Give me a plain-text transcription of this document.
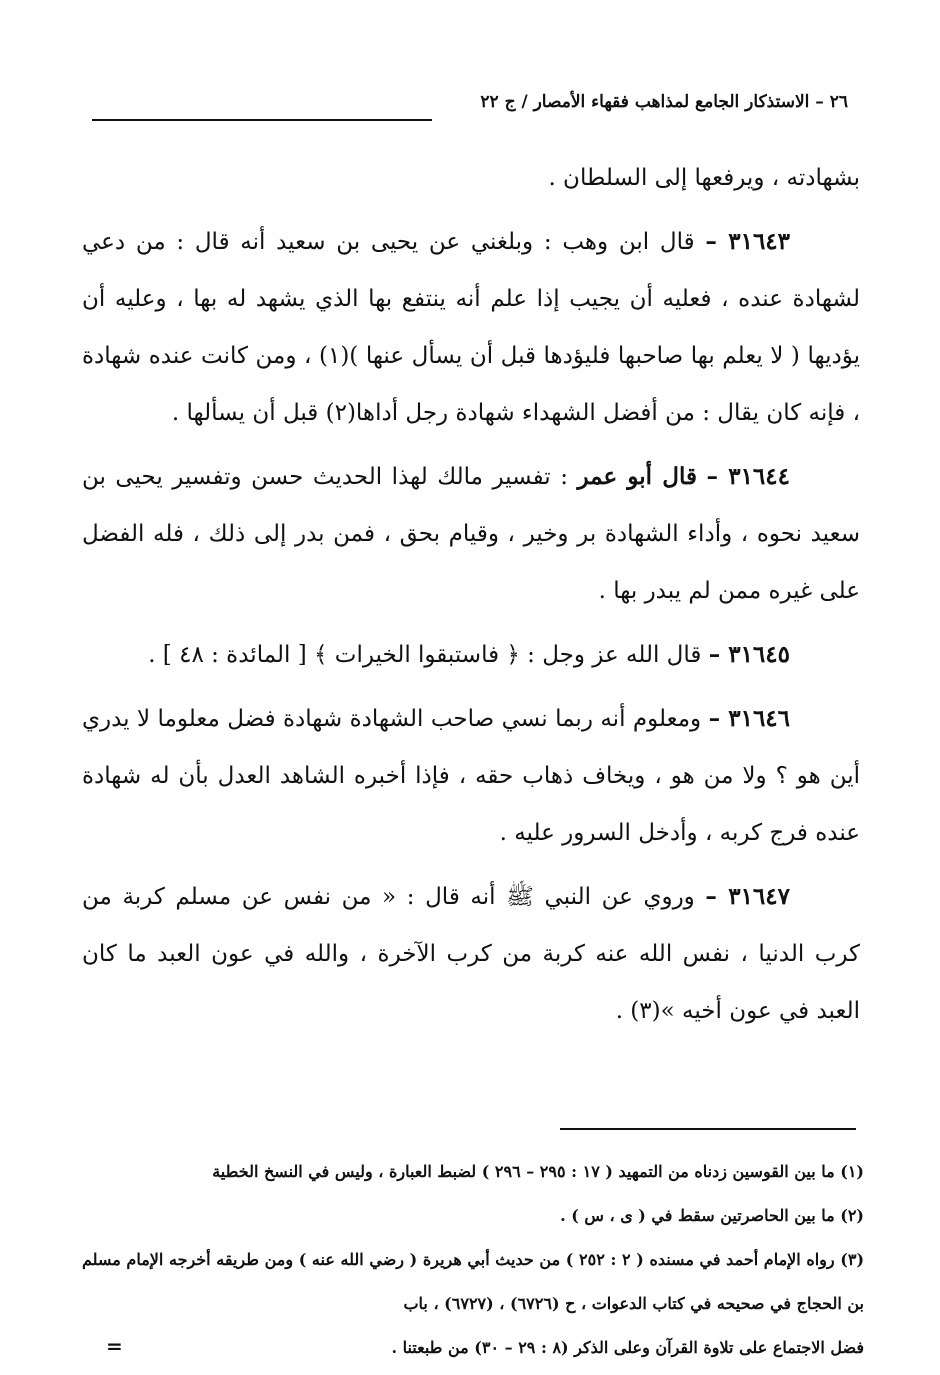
٢٦ – الاستذكار الجامع لمذاهب فقهاء الأمصار / ج ٢٢

بشهادته ، ويرفعها إلى السلطان .

٣١٦٤٣ – قال ابن وهب : وبلغني عن يحيى بن سعيد أنه قال : من دعي لشهادة عنده ، فعليه أن يجيب إذا علم أنه ينتفع بها الذي يشهد له بها ، وعليه أن يؤديها ( لا يعلم بها صاحبها فليؤدها قبل أن يسأل عنها )(١) ، ومن كانت عنده شهادة ، فإنه كان يقال : من أفضل الشهداء شهادة رجل أداها(٢) قبل أن يسألها .

٣١٦٤٤ – قال أبو عمر : تفسير مالك لهذا الحديث حسن وتفسير يحيى بن سعيد نحوه ، وأداء الشهادة بر وخير ، وقيام بحق ، فمن بدر إلى ذلك ، فله الفضل على غيره ممن لم يبدر بها .

٣١٦٤٥ – قال الله عز وجل : ﴿ فاستبقوا الخيرات ﴾ [ المائدة : ٤٨ ] .

٣١٦٤٦ – ومعلوم أنه ربما نسي صاحب الشهادة شهادة فضل معلوما لا يدري أين هو ؟ ولا من هو ، ويخاف ذهاب حقه ، فإذا أخبره الشاهد العدل بأن له شهادة عنده فرج كربه ، وأدخل السرور عليه .

٣١٦٤٧ – وروي عن النبي ﷺ أنه قال : « من نفس عن مسلم كربة من كرب الدنيا ، نفس الله عنه كربة من كرب الآخرة ، والله في عون العبد ما كان العبد في عون أخيه »(٣) .

(١) ما بين القوسين زدناه من التمهيد ( ١٧ : ٢٩٥ – ٢٩٦ ) لضبط العبارة ، وليس في النسخ الخطية

(٢) ما بين الحاصرتين سقط في ( ى ، س ) .

(٣) رواه الإمام أحمد في مسنده ( ٢ : ٢٥٢ ) من حديث أبي هريرة ( رضي الله عنه ) ومن طريقه أخرجه الإمام مسلم بن الحجاج في صحيحه في كتاب الدعوات ، ح (٦٧٢٦) ، (٦٧٢٧) ، باب
فضل الاجتماع على تلاوة القرآن وعلى الذكر (٨ : ٢٩ – ٣٠) من طبعتنا .

=
